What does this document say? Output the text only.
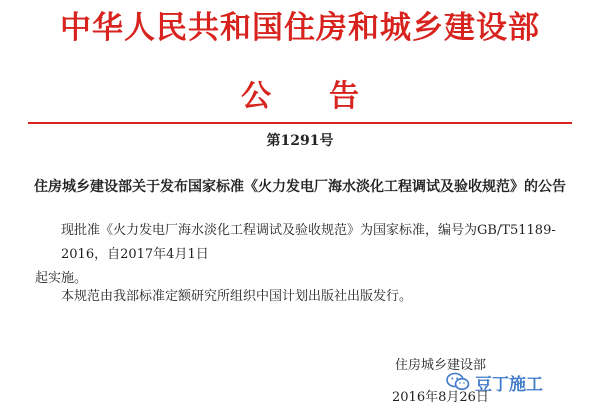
中华人民共和国住房和城乡建设部
公告
第1291号
住房城乡建设部关于发布国家标准《火力发电厂海水淡化工程调试及验收规范》的公告
现批准《火力发电厂海水淡化工程调试及验收规范》为国家标准，编号为GB/T51189-2016，自2017年4月1日
起实施。
本规范由我部标准定额研究所组织中国计划出版社出版发行。
住房城乡建设部
豆丁施工
2016年8月26日
